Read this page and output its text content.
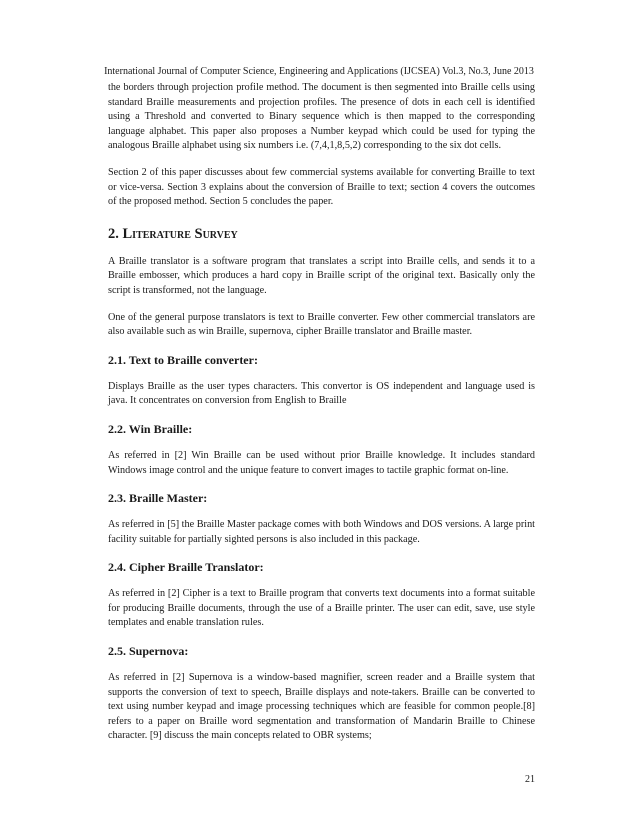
International Journal of Computer Science, Engineering and Applications (IJCSEA) Vol.3, No.3, June 2013

the borders through projection profile method. The document is then segmented into Braille cells using standard Braille measurements and projection profiles. The presence of dots in each cell is identified using a Threshold and converted to Binary sequence which is then mapped to the corresponding language alphabet. This paper also proposes a Number keypad which could be used for typing the analogous Braille alphabet using six numbers i.e. (7,4,1,8,5,2) corresponding to the six dot cells.

Section 2 of this paper discusses about few commercial systems available for converting Braille to text or vice-versa. Section 3 explains about the conversion of Braille to text; section 4 covers the outcomes of the proposed method. Section 5 concludes the paper.

2. Literature Survey

A Braille translator is a software program that translates a script into Braille cells, and sends it to a Braille embosser, which produces a hard copy in Braille script of the original text. Basically only the script is transformed, not the language.

One of the general purpose translators is text to Braille converter. Few other commercial translators are also available such as win Braille, supernova, cipher Braille translator and Braille master.

2.1. Text to Braille converter:

Displays Braille as the user types characters. This convertor is OS independent and language used is java. It concentrates on conversion from English to Braille

2.2. Win Braille:

As referred in [2] Win Braille can be used without prior Braille knowledge. It includes standard Windows image control and the unique feature to convert images to tactile graphic format on-line.

2.3. Braille Master:

As referred in [5] the Braille Master package comes with both Windows and DOS versions. A large print facility suitable for partially sighted persons is also included in this package.

2.4. Cipher Braille Translator:

As referred in [2] Cipher is a text to Braille program that converts text documents into a format suitable for producing Braille documents, through the use of a Braille printer. The user can edit, save, use style templates and enable translation rules.

2.5. Supernova:

As referred in [2] Supernova is a window-based magnifier, screen reader and a Braille system that supports the conversion of text to speech, Braille displays and note-takers. Braille can be converted to text using number keypad and image processing techniques which are feasible for common people.[8] refers to a paper on Braille word segmentation and transformation of Mandarin Braille to Chinese character. [9] discuss the main concepts related to OBR systems;

21
